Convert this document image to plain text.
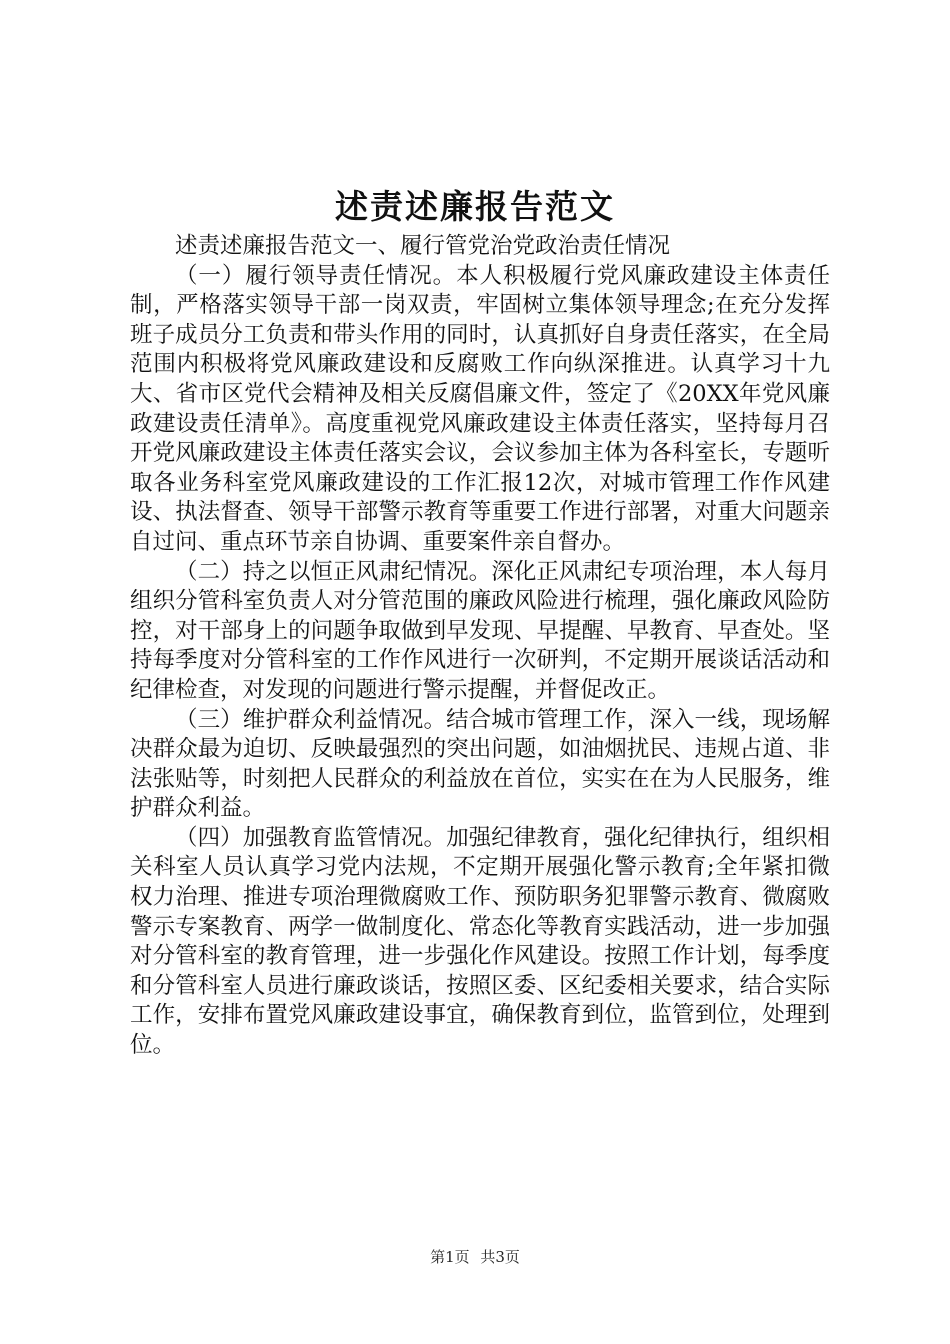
述责述廉报告范文

述责述廉报告范文一、履行管党治党政治责任情况

（一）履行领导责任情况。本人积极履行党风廉政建设主体责任制，严格落实领导干部一岗双责，牢固树立集体领导理念;在充分发挥班子成员分工负责和带头作用的同时，认真抓好自身责任落实，在全局范围内积极将党风廉政建设和反腐败工作向纵深推进。认真学习十九大、省市区党代会精神及相关反腐倡廉文件，签定了《20XX年党风廉政建设责任清单》。高度重视党风廉政建设主体责任落实，坚持每月召开党风廉政建设主体责任落实会议，会议参加主体为各科室长，专题听取各业务科室党风廉政建设的工作汇报12次，对城市管理工作作风建设、执法督查、领导干部警示教育等重要工作进行部署，对重大问题亲自过问、重点环节亲自协调、重要案件亲自督办。

（二）持之以恒正风肃纪情况。深化正风肃纪专项治理，本人每月组织分管科室负责人对分管范围的廉政风险进行梳理，强化廉政风险防控，对干部身上的问题争取做到早发现、早提醒、早教育、早查处。坚持每季度对分管科室的工作作风进行一次研判，不定期开展谈话活动和纪律检查，对发现的问题进行警示提醒，并督促改正。

（三）维护群众利益情况。结合城市管理工作，深入一线，现场解决群众最为迫切、反映最强烈的突出问题，如油烟扰民、违规占道、非法张贴等，时刻把人民群众的利益放在首位，实实在在为人民服务，维护群众利益。

（四）加强教育监管情况。加强纪律教育，强化纪律执行，组织相关科室人员认真学习党内法规，不定期开展强化警示教育;全年紧扣微权力治理、推进专项治理微腐败工作、预防职务犯罪警示教育、微腐败警示专案教育、两学一做制度化、常态化等教育实践活动，进一步加强对分管科室的教育管理，进一步强化作风建设。按照工作计划，每季度和分管科室人员进行廉政谈话，按照区委、区纪委相关要求，结合实际工作，安排布置党风廉政建设事宜，确保教育到位，监管到位，处理到位。

第1页 共3页
